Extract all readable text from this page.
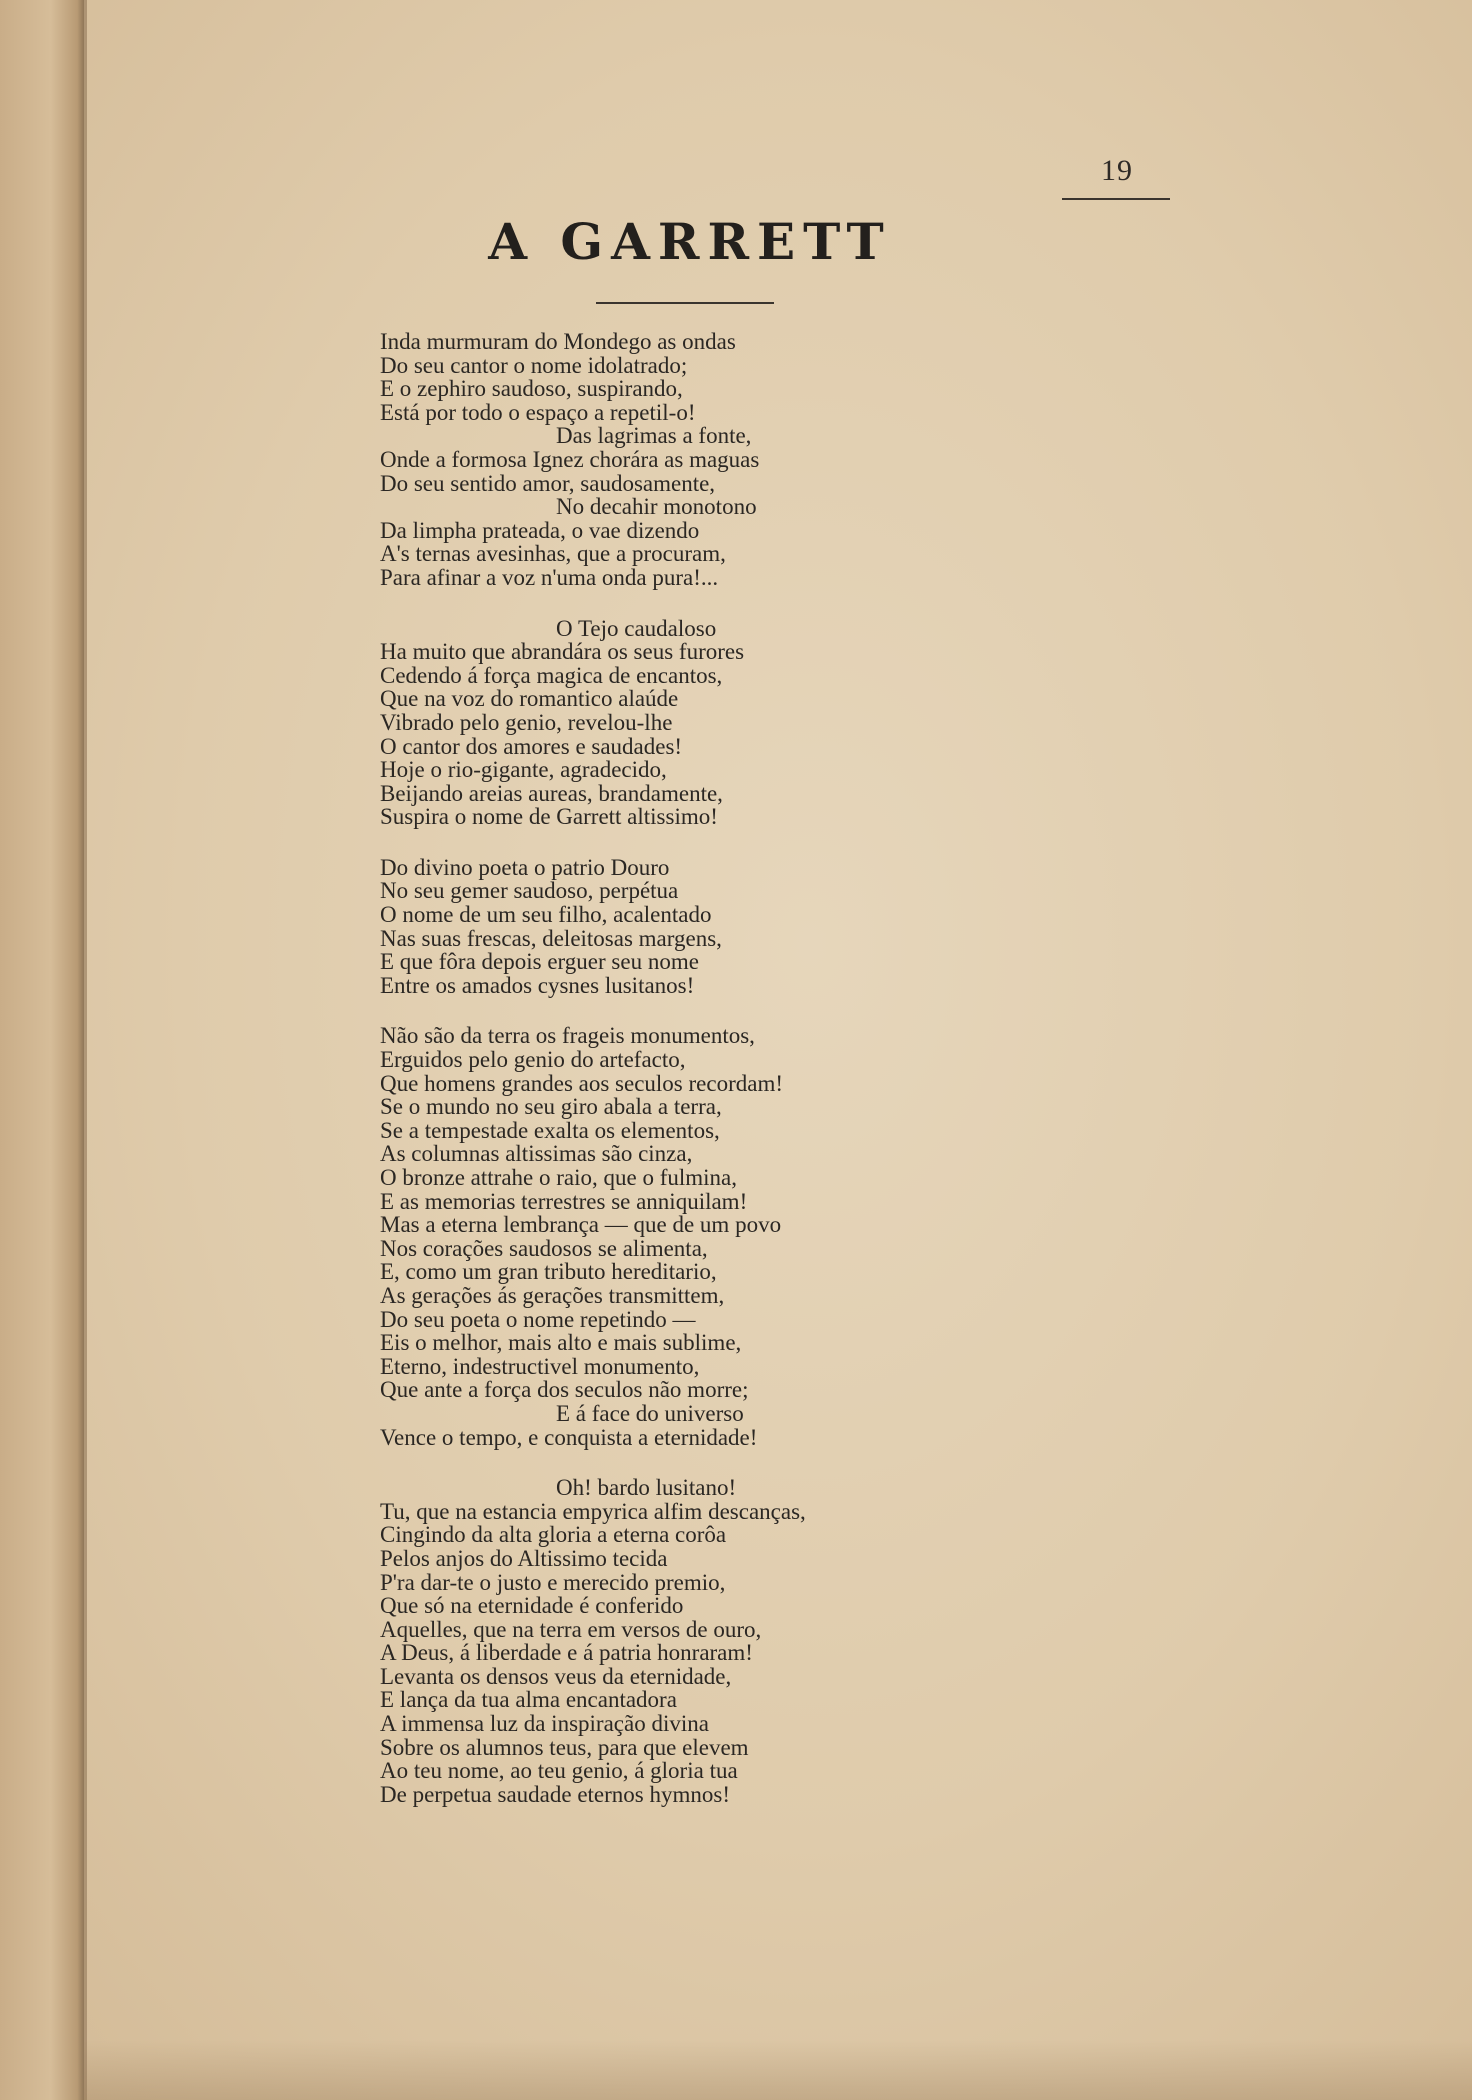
19
A GARRETT
Inda murmuram do Mondego as ondas
Do seu cantor o nome idolatrado;
E o zephiro saudoso, suspirando,
Está por todo o espaço a repetil-o!
Das lagrimas a fonte,
Onde a formosa Ignez chorára as maguas
Do seu sentido amor, saudosamente,
No decahir monotono
Da limpha prateada, o vae dizendo
A's ternas avesinhas, que a procuram,
Para afinar a voz n'uma onda pura!...
O Tejo caudaloso
Ha muito que abrandára os seus furores
Cedendo á força magica de encantos,
Que na voz do romantico alaúde
Vibrado pelo genio, revelou-lhe
O cantor dos amores e saudades!
Hoje o rio-gigante, agradecido,
Beijando areias aureas, brandamente,
Suspira o nome de Garrett altissimo!
Do divino poeta o patrio Douro
No seu gemer saudoso, perpétua
O nome de um seu filho, acalentado
Nas suas frescas, deleitosas margens,
E que fôra depois erguer seu nome
Entre os amados cysnes lusitanos!
Não são da terra os frageis monumentos,
Erguidos pelo genio do artefacto,
Que homens grandes aos seculos recordam!
Se o mundo no seu giro abala a terra,
Se a tempestade exalta os elementos,
As columnas altissimas são cinza,
O bronze attrahe o raio, que o fulmina,
E as memorias terrestres se anniquilam!
Mas a eterna lembrança — que de um povo
Nos corações saudosos se alimenta,
E, como um gran tributo hereditario,
As gerações ás gerações transmittem,
Do seu poeta o nome repetindo —
Eis o melhor, mais alto e mais sublime,
Eterno, indestructivel monumento,
Que ante a força dos seculos não morre;
E á face do universo
Vence o tempo, e conquista a eternidade!
Oh! bardo lusitano!
Tu, que na estancia empyrica alfim descanças,
Cingindo da alta gloria a eterna corôa
Pelos anjos do Altissimo tecida
P'ra dar-te o justo e merecido premio,
Que só na eternidade é conferido
Aquelles, que na terra em versos de ouro,
A Deus, á liberdade e á patria honraram!
Levanta os densos veus da eternidade,
E lança da tua alma encantadora
A immensa luz da inspiração divina
Sobre os alumnos teus, para que elevem
Ao teu nome, ao teu genio, á gloria tua
De perpetua saudade eternos hymnos!
